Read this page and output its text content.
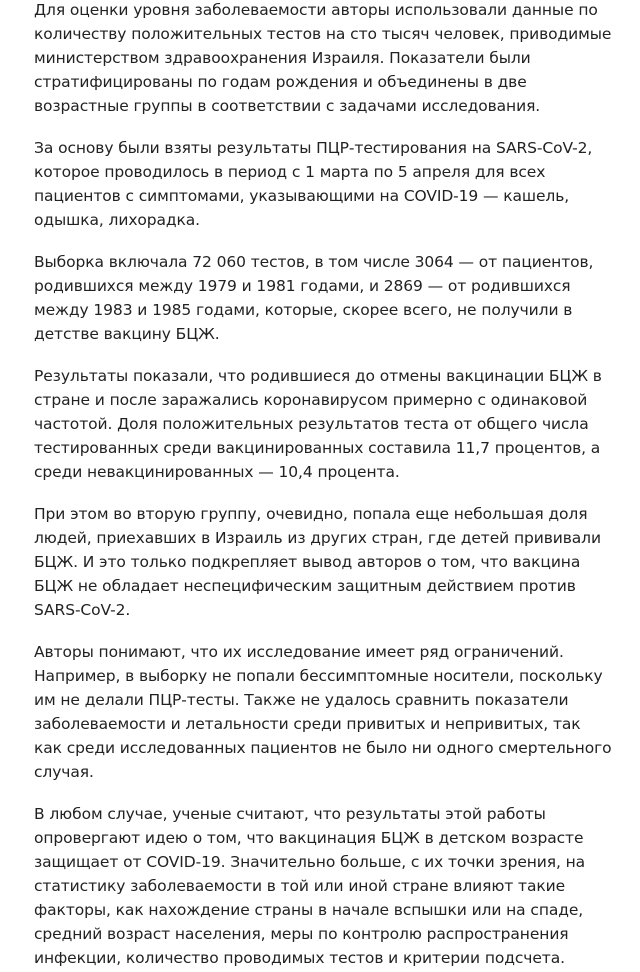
Для оценки уровня заболеваемости авторы использовали данные по количеству положительных тестов на сто тысяч человек, приводимые министерством здравоохранения Израиля. Показатели были стратифицированы по годам рождения и объединены в две возрастные группы в соответствии с задачами исследования.

За основу были взяты результаты ПЦР-тестирования на SARS-CoV-2, которое проводилось в период с 1 марта по 5 апреля для всех пациентов с симптомами, указывающими на COVID-19 — кашель, одышка, лихорадка.

Выборка включала 72 060 тестов, в том числе 3064 — от пациентов, родившихся между 1979 и 1981 годами, и 2869 — от родившихся между 1983 и 1985 годами, которые, скорее всего, не получили в детстве вакцину БЦЖ.

Результаты показали, что родившиеся до отмены вакцинации БЦЖ в стране и после заражались коронавирусом примерно с одинаковой частотой. Доля положительных результатов теста от общего числа тестированных среди вакцинированных составила 11,7 процентов, а среди невакцинированных — 10,4 процента.

При этом во вторую группу, очевидно, попала еще небольшая доля людей, приехавших в Израиль из других стран, где детей прививали БЦЖ. И это только подкрепляет вывод авторов о том, что вакцина БЦЖ не обладает неспецифическим защитным действием против SARS-CoV-2.

Авторы понимают, что их исследование имеет ряд ограничений. Например, в выборку не попали бессимптомные носители, поскольку им не делали ПЦР-тесты. Также не удалось сравнить показатели заболеваемости и летальности среди привитых и непривитых, так как среди исследованных пациентов не было ни одного смертельного случая.

В любом случае, ученые считают, что результаты этой работы опровергают идею о том, что вакцинация БЦЖ в детском возрасте защищает от COVID-19. Значительно больше, с их точки зрения, на статистику заболеваемости в той или иной стране влияют такие факторы, как нахождение страны в начале вспышки или на спаде, средний возраст населения, меры по контролю распространения инфекции, количество проводимых тестов и критерии подсчета.
